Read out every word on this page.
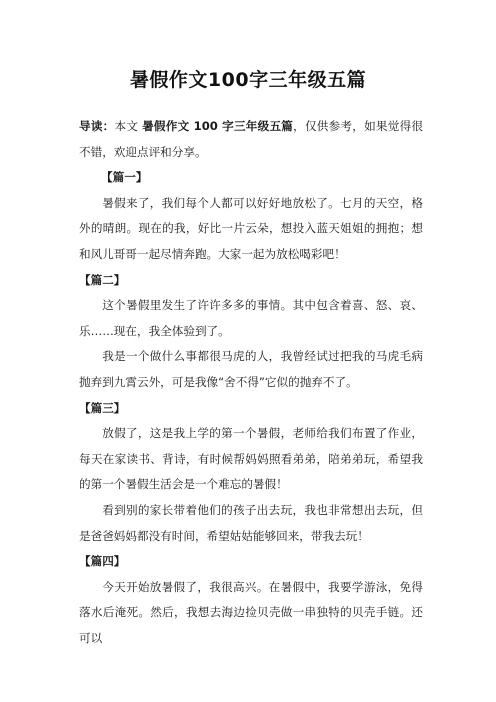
暑假作文100字三年级五篇

导读：本文 暑假作文 100 字三年级五篇，仅供参考，如果觉得很不错，欢迎点评和分享。

【篇一】

暑假来了，我们每个人都可以好好地放松了。七月的天空，格外的晴朗。现在的我，好比一片云朵，想投入蓝天姐姐的拥抱；想和风儿哥哥一起尽情奔跑。大家一起为放松喝彩吧！

【篇二】

这个暑假里发生了许许多多的事情。其中包含着喜、怒、哀、乐……现在，我全体验到了。

我是一个做什么事都很马虎的人，我曾经试过把我的马虎毛病抛弃到九霄云外，可是我像“舍不得”它似的抛弃不了。

【篇三】

放假了，这是我上学的第一个暑假，老师给我们布置了作业，每天在家读书、背诗，有时候帮妈妈照看弟弟，陪弟弟玩，希望我的第一个暑假生活会是一个难忘的暑假！

看到别的家长带着他们的孩子出去玩，我也非常想出去玩，但是爸爸妈妈都没有时间，希望姑姑能够回来，带我去玩！

【篇四】

今天开始放暑假了，我很高兴。在暑假中，我要学游泳，免得落水后淹死。然后，我想去海边捡贝壳做一串独特的贝壳手链。还可以
